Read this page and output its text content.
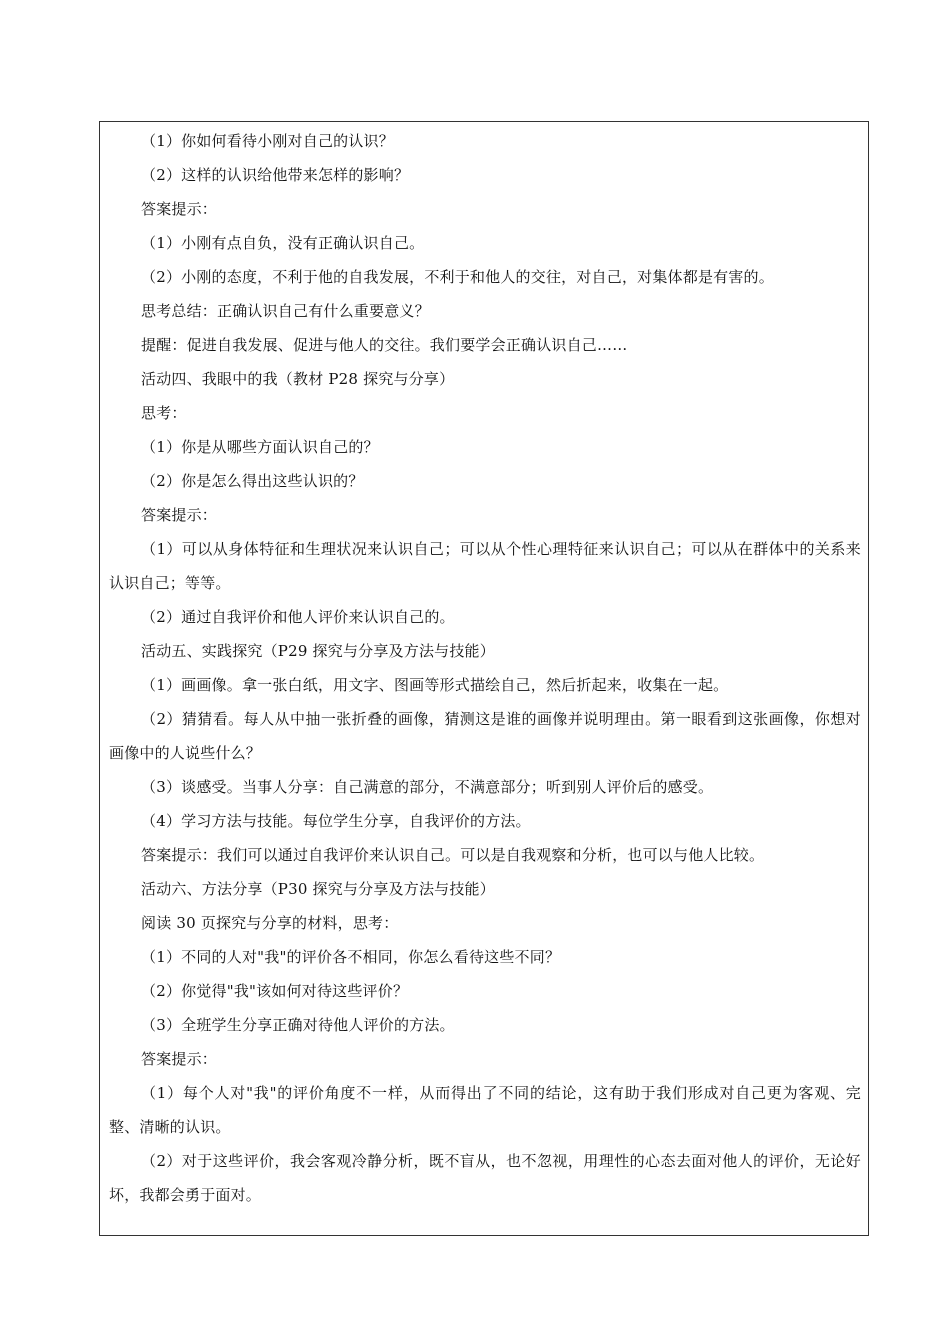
（1）你如何看待小刚对自己的认识？

（2）这样的认识给他带来怎样的影响？

答案提示：

（1）小刚有点自负，没有正确认识自己。

（2）小刚的态度，不利于他的自我发展，不利于和他人的交往，对自己，对集体都是有害的。

思考总结：正确认识自己有什么重要意义？

提醒：促进自我发展、促进与他人的交往。我们要学会正确认识自己……

活动四、我眼中的我（教材 P28 探究与分享）

思考：

（1）你是从哪些方面认识自己的？

（2）你是怎么得出这些认识的？

答案提示：

（1）可以从身体特征和生理状况来认识自己；可以从个性心理特征来认识自己；可以从在群体中的关系来认识自己；等等。

（2）通过自我评价和他人评价来认识自己的。

活动五、实践探究（P29 探究与分享及方法与技能）

（1）画画像。拿一张白纸，用文字、图画等形式描绘自己，然后折起来，收集在一起。

（2）猜猜看。每人从中抽一张折叠的画像，猜测这是谁的画像并说明理由。第一眼看到这张画像，你想对画像中的人说些什么？

（3）谈感受。当事人分享：自己满意的部分，不满意部分；听到别人评价后的感受。

（4）学习方法与技能。每位学生分享，自我评价的方法。

答案提示：我们可以通过自我评价来认识自己。可以是自我观察和分析，也可以与他人比较。

活动六、方法分享（P30 探究与分享及方法与技能）

阅读 30 页探究与分享的材料，思考：

（1）不同的人对"我"的评价各不相同，你怎么看待这些不同？

（2）你觉得"我"该如何对待这些评价？

（3）全班学生分享正确对待他人评价的方法。

答案提示：

（1）每个人对"我"的评价角度不一样，从而得出了不同的结论，这有助于我们形成对自己更为客观、完整、清晰的认识。

（2）对于这些评价，我会客观冷静分析，既不盲从，也不忽视，用理性的心态去面对他人的评价，无论好坏，我都会勇于面对。
